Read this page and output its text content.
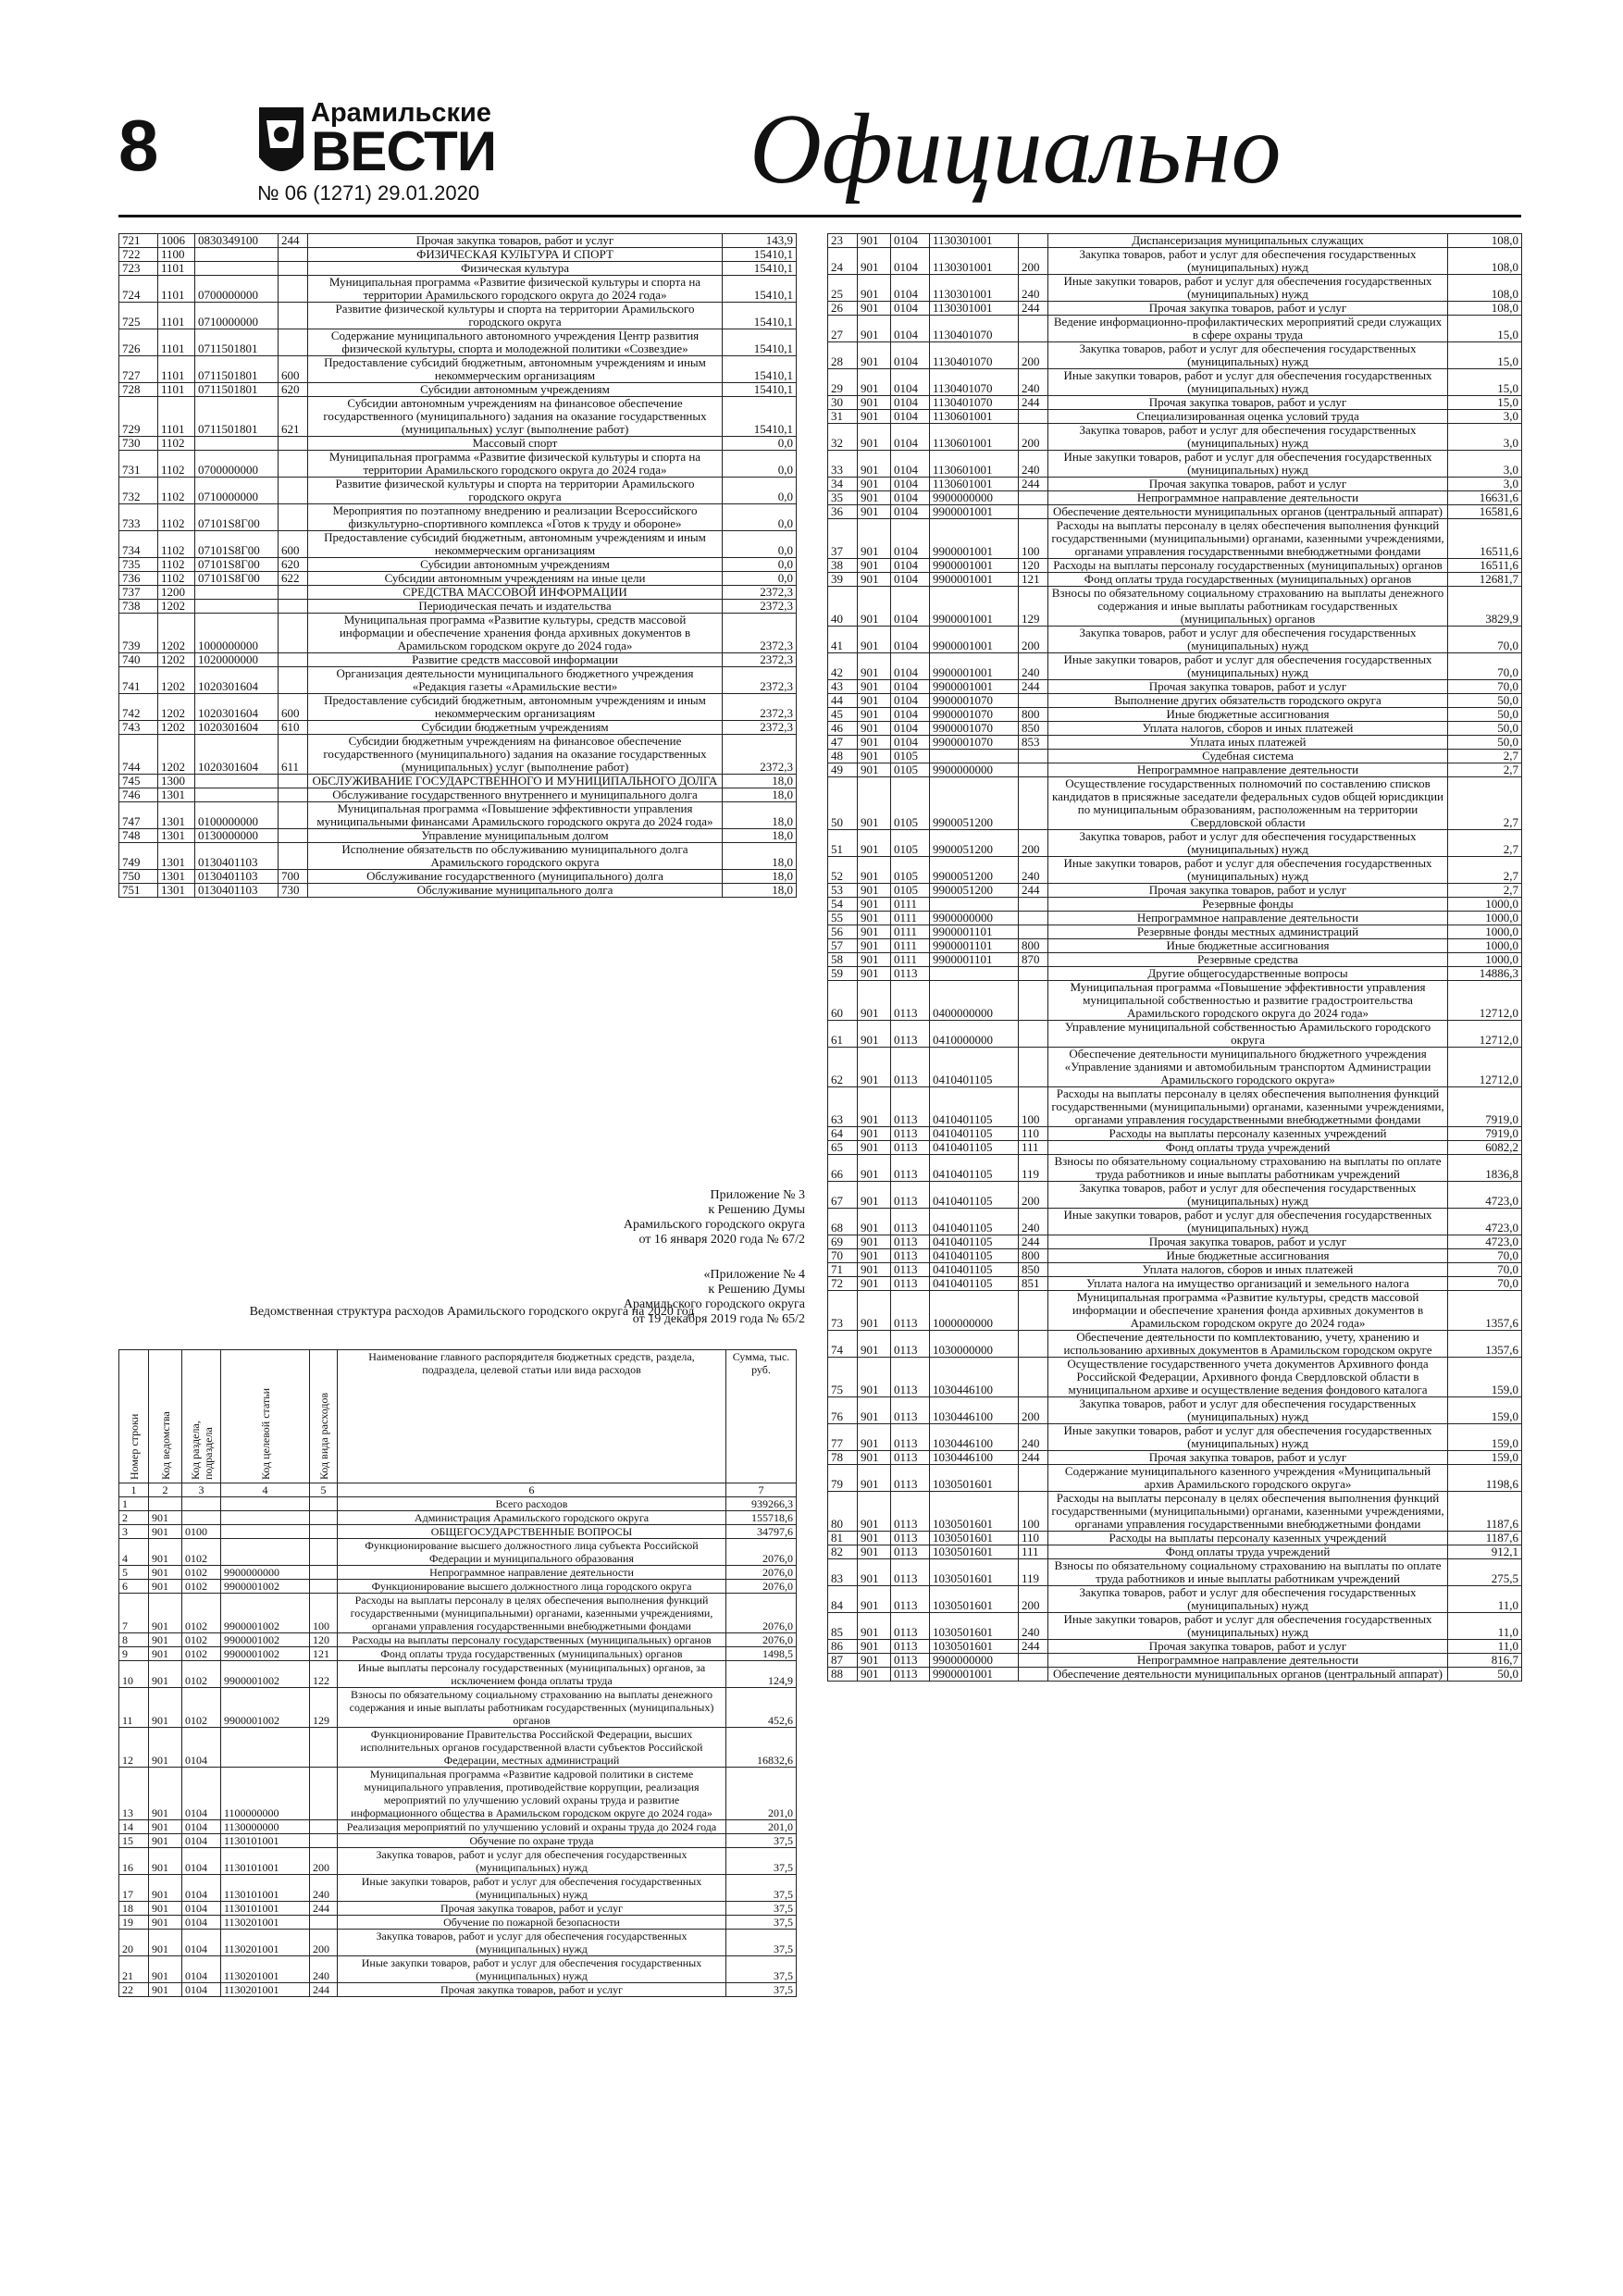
8	Арамильские
ВЕСТИ
№ 06 (1271) 29.01.2020	Официально
721	1006	0830349100	244	Прочая закупка товаров, работ и услуг	143,9
722	1100			ФИЗИЧЕСКАЯ КУЛЬТУРА И СПОРТ	15410,1
723	1101			Физическая культура	15410,1
724	1101	0700000000		Муниципальная программа «Развитие физической культуры и спорта на территории Арамильского городского округа до 2024 года»	15410,1
725	1101	0710000000		Развитие физической культуры и спорта на территории Арамильского городского округа	15410,1
726	1101	0711501801		Содержание муниципального автономного учреждения Центр развития физической культуры, спорта и молодежной политики «Созвездие»	15410,1
727	1101	0711501801	600	Предоставление субсидий бюджетным, автономным учреждениям и иным некоммерческим организациям	15410,1
728	1101	0711501801	620	Субсидии автономным учреждениям	15410,1
729	1101	0711501801	621	Субсидии автономным учреждениям на финансовое обеспечение государственного (муниципального) задания на оказание государственных (муниципальных) услуг (выполнение работ)	15410,1
730	1102			Массовый спорт	0,0
731	1102	0700000000		Муниципальная программа «Развитие физической культуры и спорта на территории Арамильского городского округа до 2024 года»	0,0
732	1102	0710000000		Развитие физической культуры и спорта на территории Арамильского городского округа	0,0
733	1102	07101S8Г00		Мероприятия по поэтапному внедрению и реализации Всероссийского физкультурно-спортивного комплекса «Готов к труду и обороне»	0,0
734	1102	07101S8Г00	600	Предоставление субсидий бюджетным, автономным учреждениям и иным некоммерческим организациям	0,0
735	1102	07101S8Г00	620	Субсидии автономным учреждениям	0,0
736	1102	07101S8Г00	622	Субсидии автономным учреждениям на иные цели	0,0
737	1200			СРЕДСТВА МАССОВОЙ ИНФОРМАЦИИ	2372,3
738	1202			Периодическая печать и издательства	2372,3
739	1202	1000000000		Муниципальная программа «Развитие культуры, средств массовой информации и обеспечение хранения фонда архивных документов в Арамильском городском округе до 2024 года»	2372,3
740	1202	1020000000		Развитие средств массовой информации	2372,3
741	1202	1020301604		Организация деятельности муниципального бюджетного учреждения «Редакция газеты «Арамильские вести»	2372,3
742	1202	1020301604	600	Предоставление субсидий бюджетным, автономным учреждениям и иным некоммерческим организациям	2372,3
743	1202	1020301604	610	Субсидии бюджетным учреждениям	2372,3
744	1202	1020301604	611	Субсидии бюджетным учреждениям на финансовое обеспечение государственного (муниципального) задания на оказание государственных (муниципальных) услуг (выполнение работ)	2372,3
745	1300			ОБСЛУЖИВАНИЕ ГОСУДАРСТВЕННОГО И МУНИЦИПАЛЬНОГО ДОЛГА	18,0
746	1301			Обслуживание государственного внутреннего и муниципального долга	18,0
747	1301	0100000000		Муниципальная программа «Повышение эффективности управления муниципальными финансами Арамильского городского округа до 2024 года»	18,0
748	1301	0130000000		Управление муниципальным долгом	18,0
749	1301	0130401103		Исполнение обязательств по обслуживанию муниципального долга Арамильского городского округа	18,0
750	1301	0130401103	700	Обслуживание государственного (муниципального) долга	18,0
751	1301	0130401103	730	Обслуживание муниципального долга	18,0
Приложение № 3
к Решению Думы
Арамильского городского округа
от 16 января 2020 года № 67/2
«Приложение № 4
к Решению Думы
Арамильского городского округа
от 19 декабря 2019 года № 65/2
Ведомственная структура расходов Арамильского городского округа на 2020 год
Номер строки	Код ведомства	Код раздела, подраздела	Код целевой статьи	Код вида расходов	Наименование главного распорядителя бюджетных средств, раздела, подраздела, целевой статьи или вида расходов	Сумма, тыс. руб.
1	2	3	4	5	6	7
1					Всего расходов	939266,3
2	901				Администрация Арамильского городского округа	155718,6
3	901	0100			ОБЩЕГОСУДАРСТВЕННЫЕ ВОПРОСЫ	34797,6
4	901	0102			Функционирование высшего должностного лица субъекта Российской Федерации и муниципального образования	2076,0
5	901	0102	9900000000		Непрограммное направление деятельности	2076,0
6	901	0102	9900001002		Функционирование высшего должностного лица городского округа	2076,0
7	901	0102	9900001002	100	Расходы на выплаты персоналу в целях обеспечения выполнения функций государственными (муниципальными) органами, казенными учреждениями, органами управления государственными внебюджетными фондами	2076,0
8	901	0102	9900001002	120	Расходы на выплаты персоналу государственных (муниципальных) органов	2076,0
9	901	0102	9900001002	121	Фонд оплаты труда государственных (муниципальных) органов	1498,5
10	901	0102	9900001002	122	Иные выплаты персоналу государственных (муниципальных) органов, за исключением фонда оплаты труда	124,9
11	901	0102	9900001002	129	Взносы по обязательному социальному страхованию на выплаты денежного содержания и иные выплаты работникам государственных (муниципальных) органов	452,6
12	901	0104			Функционирование Правительства Российской Федерации, высших исполнительных органов государственной власти субъектов Российской Федерации, местных администраций	16832,6
13	901	0104	1100000000		Муниципальная программа «Развитие кадровой политики в системе муниципального управления, противодействие коррупции, реализация мероприятий по улучшению условий охраны труда и развитие информационного общества в Арамильском городском округе до 2024 года»	201,0
14	901	0104	1130000000		Реализация мероприятий по улучшению условий и охраны труда до 2024 года	201,0
15	901	0104	1130101001		Обучение по охране труда	37,5
16	901	0104	1130101001	200	Закупка товаров, работ и услуг для обеспечения государственных (муниципальных) нужд	37,5
17	901	0104	1130101001	240	Иные закупки товаров, работ и услуг для обеспечения государственных (муниципальных) нужд	37,5
18	901	0104	1130101001	244	Прочая закупка товаров, работ и услуг	37,5
19	901	0104	1130201001		Обучение по пожарной безопасности	37,5
20	901	0104	1130201001	200	Закупка товаров, работ и услуг для обеспечения государственных (муниципальных) нужд	37,5
21	901	0104	1130201001	240	Иные закупки товаров, работ и услуг для обеспечения государственных (муниципальных) нужд	37,5
22	901	0104	1130201001	244	Прочая закупка товаров, работ и услуг	37,5
23	901	0104	1130301001		Диспансеризация муниципальных служащих	108,0
24	901	0104	1130301001	200	Закупка товаров, работ и услуг для обеспечения государственных (муниципальных) нужд	108,0
25	901	0104	1130301001	240	Иные закупки товаров, работ и услуг для обеспечения государственных (муниципальных) нужд	108,0
26	901	0104	1130301001	244	Прочая закупка товаров, работ и услуг	108,0
27	901	0104	1130401070		Ведение информационно-профилактических мероприятий среди служащих в сфере охраны труда	15,0
28	901	0104	1130401070	200	Закупка товаров, работ и услуг для обеспечения государственных (муниципальных) нужд	15,0
29	901	0104	1130401070	240	Иные закупки товаров, работ и услуг для обеспечения государственных (муниципальных) нужд	15,0
30	901	0104	1130401070	244	Прочая закупка товаров, работ и услуг	15,0
31	901	0104	1130601001		Специализированная оценка условий труда	3,0
32	901	0104	1130601001	200	Закупка товаров, работ и услуг для обеспечения государственных (муниципальных) нужд	3,0
33	901	0104	1130601001	240	Иные закупки товаров, работ и услуг для обеспечения государственных (муниципальных) нужд	3,0
34	901	0104	1130601001	244	Прочая закупка товаров, работ и услуг	3,0
35	901	0104	9900000000		Непрограммное направление деятельности	16631,6
36	901	0104	9900001001		Обеспечение деятельности муниципальных органов (центральный аппарат)	16581,6
37	901	0104	9900001001	100	Расходы на выплаты персоналу в целях обеспечения выполнения функций государственными (муниципальными) органами, казенными учреждениями, органами управления государственными внебюджетными фондами	16511,6
38	901	0104	9900001001	120	Расходы на выплаты персоналу государственных (муниципальных) органов	16511,6
39	901	0104	9900001001	121	Фонд оплаты труда государственных (муниципальных) органов	12681,7
40	901	0104	9900001001	129	Взносы по обязательному социальному страхованию на выплаты денежного содержания и иные выплаты работникам государственных (муниципальных) органов	3829,9
41	901	0104	9900001001	200	Закупка товаров, работ и услуг для обеспечения государственных (муниципальных) нужд	70,0
42	901	0104	9900001001	240	Иные закупки товаров, работ и услуг для обеспечения государственных (муниципальных) нужд	70,0
43	901	0104	9900001001	244	Прочая закупка товаров, работ и услуг	70,0
44	901	0104	9900001070		Выполнение других обязательств городского округа	50,0
45	901	0104	9900001070	800	Иные бюджетные ассигнования	50,0
46	901	0104	9900001070	850	Уплата налогов, сборов и иных платежей	50,0
47	901	0104	9900001070	853	Уплата иных платежей	50,0
48	901	0105			Судебная система	2,7
49	901	0105	9900000000		Непрограммное направление деятельности	2,7
50	901	0105	9900051200		Осуществление государственных полномочий по составлению списков кандидатов в присяжные заседатели федеральных судов общей юрисдикции по муниципальным образованиям, расположенным на территории Свердловской области	2,7
51	901	0105	9900051200	200	Закупка товаров, работ и услуг для обеспечения государственных (муниципальных) нужд	2,7
52	901	0105	9900051200	240	Иные закупки товаров, работ и услуг для обеспечения государственных (муниципальных) нужд	2,7
53	901	0105	9900051200	244	Прочая закупка товаров, работ и услуг	2,7
54	901	0111			Резервные фонды	1000,0
55	901	0111	9900000000		Непрограммное направление деятельности	1000,0
56	901	0111	9900001101		Резервные фонды местных администраций	1000,0
57	901	0111	9900001101	800	Иные бюджетные ассигнования	1000,0
58	901	0111	9900001101	870	Резервные средства	1000,0
59	901	0113			Другие общегосударственные вопросы	14886,3
60	901	0113	0400000000		Муниципальная программа «Повышение эффективности управления муниципальной собственностью и развитие градостроительства Арамильского городского округа до 2024 года»	12712,0
61	901	0113	0410000000		Управление муниципальной собственностью Арамильского городского округа	12712,0
62	901	0113	0410401105		Обеспечение деятельности муниципального бюджетного учреждения «Управление зданиями и автомобильным транспортом Администрации Арамильского городского округа»	12712,0
63	901	0113	0410401105	100	Расходы на выплаты персоналу в целях обеспечения выполнения функций государственными (муниципальными) органами, казенными учреждениями, органами управления государственными внебюджетными фондами	7919,0
64	901	0113	0410401105	110	Расходы на выплаты персоналу казенных учреждений	7919,0
65	901	0113	0410401105	111	Фонд оплаты труда учреждений	6082,2
66	901	0113	0410401105	119	Взносы по обязательному социальному страхованию на выплаты по оплате труда работников и иные выплаты работникам учреждений	1836,8
67	901	0113	0410401105	200	Закупка товаров, работ и услуг для обеспечения государственных (муниципальных) нужд	4723,0
68	901	0113	0410401105	240	Иные закупки товаров, работ и услуг для обеспечения государственных (муниципальных) нужд	4723,0
69	901	0113	0410401105	244	Прочая закупка товаров, работ и услуг	4723,0
70	901	0113	0410401105	800	Иные бюджетные ассигнования	70,0
71	901	0113	0410401105	850	Уплата налогов, сборов и иных платежей	70,0
72	901	0113	0410401105	851	Уплата налога на имущество организаций и земельного налога	70,0
73	901	0113	1000000000		Муниципальная программа «Развитие культуры, средств массовой информации и обеспечение хранения фонда архивных документов в Арамильском городском округе до 2024 года»	1357,6
74	901	0113	1030000000		Обеспечение деятельности по комплектованию, учету, хранению и использованию архивных документов в Арамильском городском округе	1357,6
75	901	0113	1030446100		Осуществление государственного учета документов Архивного фонда Российской Федерации, Архивного фонда Свердловской области в муниципальном архиве и осуществление ведения фондового каталога	159,0
76	901	0113	1030446100	200	Закупка товаров, работ и услуг для обеспечения государственных (муниципальных) нужд	159,0
77	901	0113	1030446100	240	Иные закупки товаров, работ и услуг для обеспечения государственных (муниципальных) нужд	159,0
78	901	0113	1030446100	244	Прочая закупка товаров, работ и услуг	159,0
79	901	0113	1030501601		Содержание муниципального казенного учреждения «Муниципальный архив Арамильского городского округа»	1198,6
80	901	0113	1030501601	100	Расходы на выплаты персоналу в целях обеспечения выполнения функций государственными (муниципальными) органами, казенными учреждениями, органами управления государственными внебюджетными фондами	1187,6
81	901	0113	1030501601	110	Расходы на выплаты персоналу казенных учреждений	1187,6
82	901	0113	1030501601	111	Фонд оплаты труда учреждений	912,1
83	901	0113	1030501601	119	Взносы по обязательному социальному страхованию на выплаты по оплате труда работников и иные выплаты работникам учреждений	275,5
84	901	0113	1030501601	200	Закупка товаров, работ и услуг для обеспечения государственных (муниципальных) нужд	11,0
85	901	0113	1030501601	240	Иные закупки товаров, работ и услуг для обеспечения государственных (муниципальных) нужд	11,0
86	901	0113	1030501601	244	Прочая закупка товаров, работ и услуг	11,0
87	901	0113	9900000000		Непрограммное направление деятельности	816,7
88	901	0113	9900001001		Обеспечение деятельности муниципальных органов (центральный аппарат)	50,0
